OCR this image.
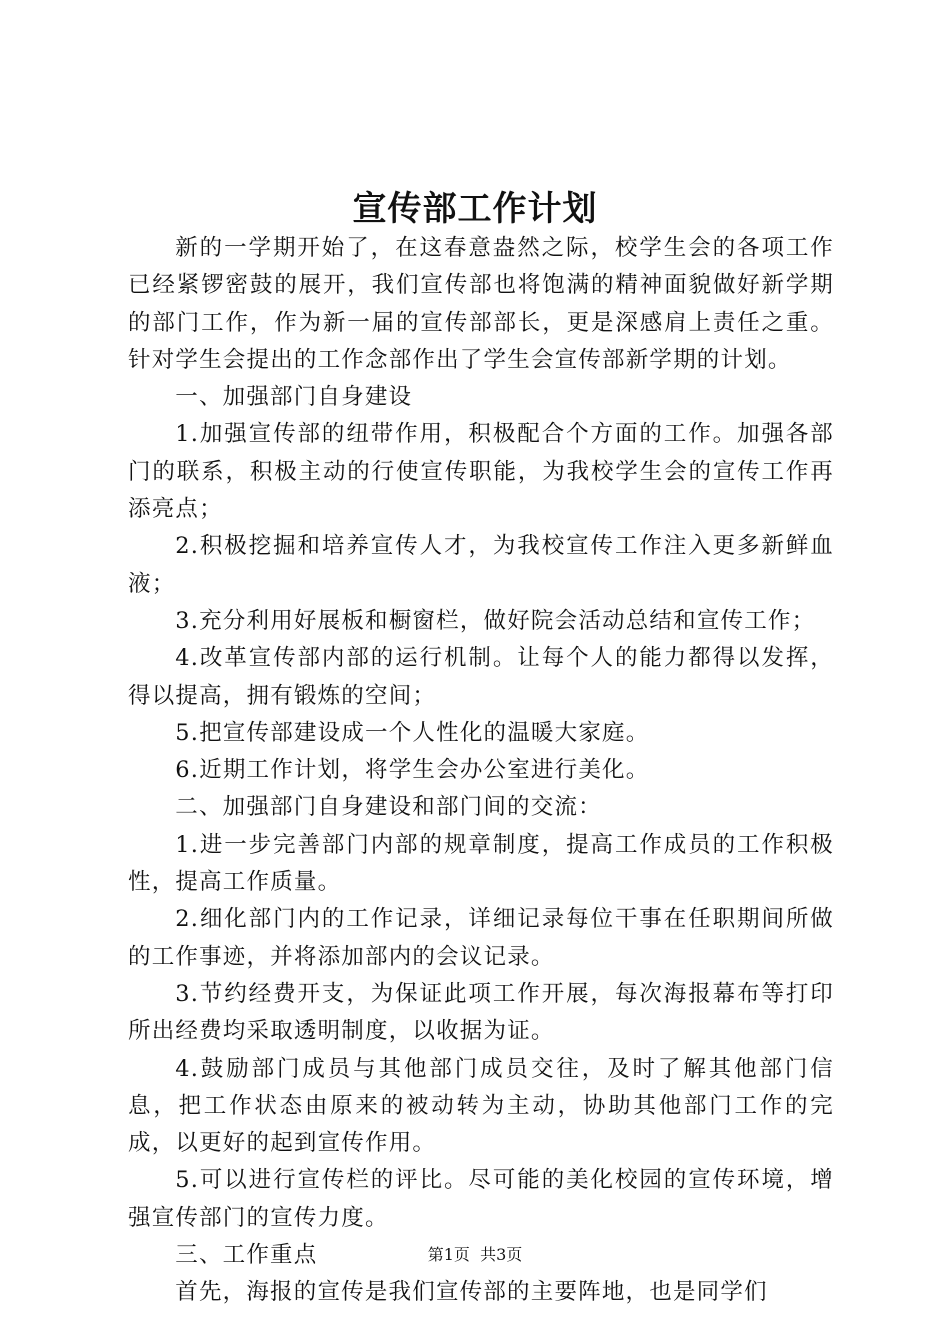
宣传部工作计划

新的一学期开始了，在这春意盎然之际，校学生会的各项工作已经紧锣密鼓的展开，我们宣传部也将饱满的精神面貌做好新学期的部门工作，作为新一届的宣传部部长，更是深感肩上责任之重。针对学生会提出的工作念部作出了学生会宣传部新学期的计划。

一、加强部门自身建设

1.加强宣传部的纽带作用，积极配合个方面的工作。加强各部门的联系，积极主动的行使宣传职能，为我校学生会的宣传工作再添亮点；

2.积极挖掘和培养宣传人才，为我校宣传工作注入更多新鲜血液；

3.充分利用好展板和橱窗栏，做好院会活动总结和宣传工作；

4.改革宣传部内部的运行机制。让每个人的能力都得以发挥，得以提高，拥有锻炼的空间；

5.把宣传部建设成一个人性化的温暖大家庭。

6.近期工作计划，将学生会办公室进行美化。

二、加强部门自身建设和部门间的交流：

1.进一步完善部门内部的规章制度，提高工作成员的工作积极性，提高工作质量。

2.细化部门内的工作记录，详细记录每位干事在任职期间所做的工作事迹，并将添加部内的会议记录。

3.节约经费开支，为保证此项工作开展，每次海报幕布等打印所出经费均采取透明制度，以收据为证。

4.鼓励部门成员与其他部门成员交往，及时了解其他部门信息，把工作状态由原来的被动转为主动，协助其他部门工作的完成，以更好的起到宣传作用。

5.可以进行宣传栏的评比。尽可能的美化校园的宣传环境，增强宣传部门的宣传力度。

三、工作重点

首先，海报的宣传是我们宣传部的主要阵地，也是同学们

第1页 共3页
